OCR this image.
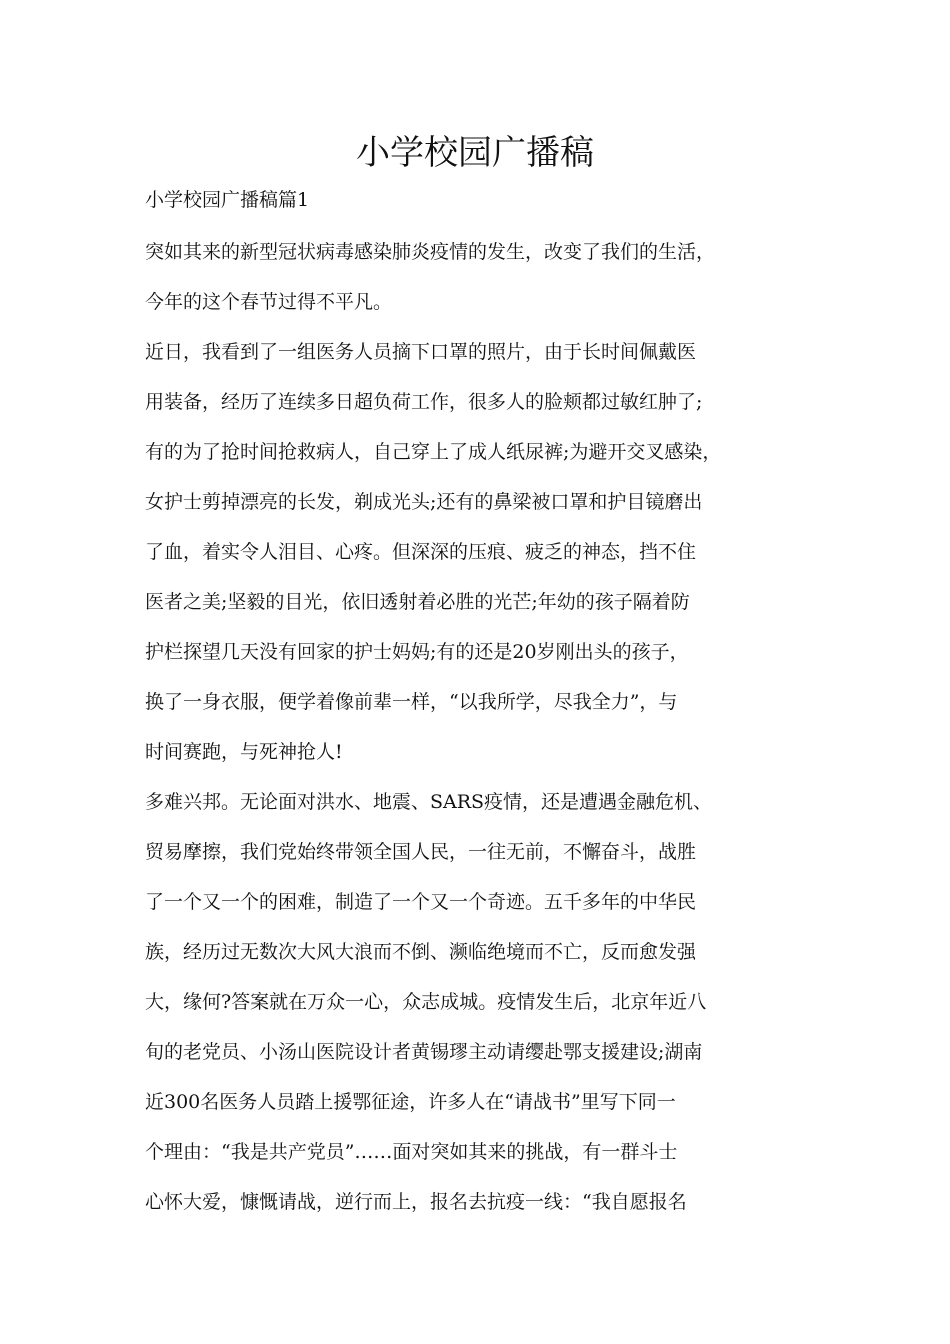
小学校园广播稿

小学校园广播稿篇1

突如其来的新型冠状病毒感染肺炎疫情的发生，改变了我们的生活，

今年的这个春节过得不平凡。

近日，我看到了一组医务人员摘下口罩的照片，由于长时间佩戴医

用装备，经历了连续多日超负荷工作，很多人的脸颊都过敏红肿了;

有的为了抢时间抢救病人，自己穿上了成人纸尿裤;为避开交叉感染，

女护士剪掉漂亮的长发，剃成光头;还有的鼻梁被口罩和护目镜磨出

了血，着实令人泪目、心疼。但深深的压痕、疲乏的神态，挡不住

医者之美;坚毅的目光，依旧透射着必胜的光芒;年幼的孩子隔着防

护栏探望几天没有回家的护士妈妈;有的还是20岁刚出头的孩子，

换了一身衣服，便学着像前辈一样，“以我所学，尽我全力”，与

时间赛跑，与死神抢人!

多难兴邦。无论面对洪水、地震、SARS疫情，还是遭遇金融危机、

贸易摩擦，我们党始终带领全国人民，一往无前，不懈奋斗，战胜

了一个又一个的困难，制造了一个又一个奇迹。五千多年的中华民

族，经历过无数次大风大浪而不倒、濒临绝境而不亡，反而愈发强

大，缘何?答案就在万众一心，众志成城。疫情发生后，北京年近八

旬的老党员、小汤山医院设计者黄锡璆主动请缨赴鄂支援建设;湖南

近300名医务人员踏上援鄂征途，许多人在“请战书”里写下同一

个理由：“我是共产党员”……面对突如其来的挑战，有一群斗士

心怀大爱，慷慨请战，逆行而上，报名去抗疫一线：“我自愿报名
